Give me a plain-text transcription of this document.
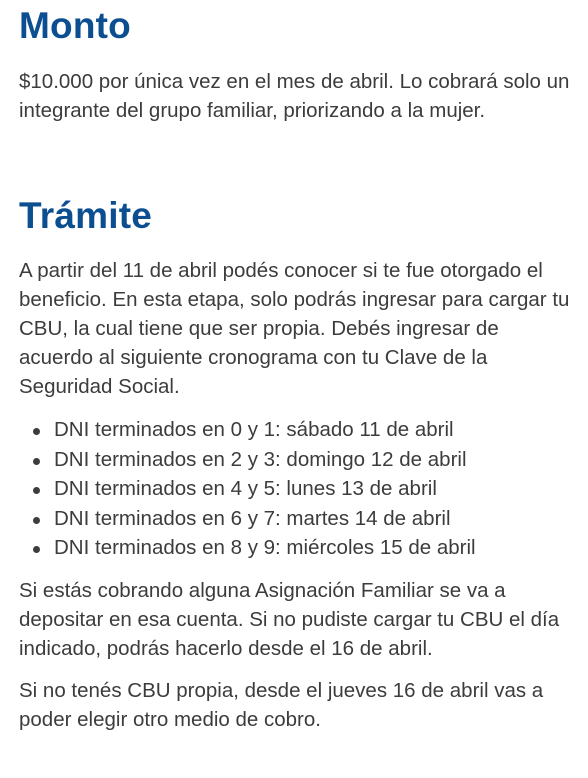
Monto

$10.000 por única vez en el mes de abril. Lo cobrará solo un integrante del grupo familiar, priorizando a la mujer.

Trámite

A partir del 11 de abril podés conocer si te fue otorgado el beneficio. En esta etapa, solo podrás ingresar para cargar tu CBU, la cual tiene que ser propia. Debés ingresar de acuerdo al siguiente cronograma con tu Clave de la Seguridad Social.

DNI terminados en 0 y 1: sábado 11 de abril
DNI terminados en 2 y 3: domingo 12 de abril
DNI terminados en 4 y 5: lunes 13 de abril
DNI terminados en 6 y 7: martes 14 de abril
DNI terminados en 8 y 9: miércoles 15 de abril

Si estás cobrando alguna Asignación Familiar se va a depositar en esa cuenta. Si no pudiste cargar tu CBU el día indicado, podrás hacerlo desde el 16 de abril.

Si no tenés CBU propia, desde el jueves 16 de abril vas a poder elegir otro medio de cobro.
